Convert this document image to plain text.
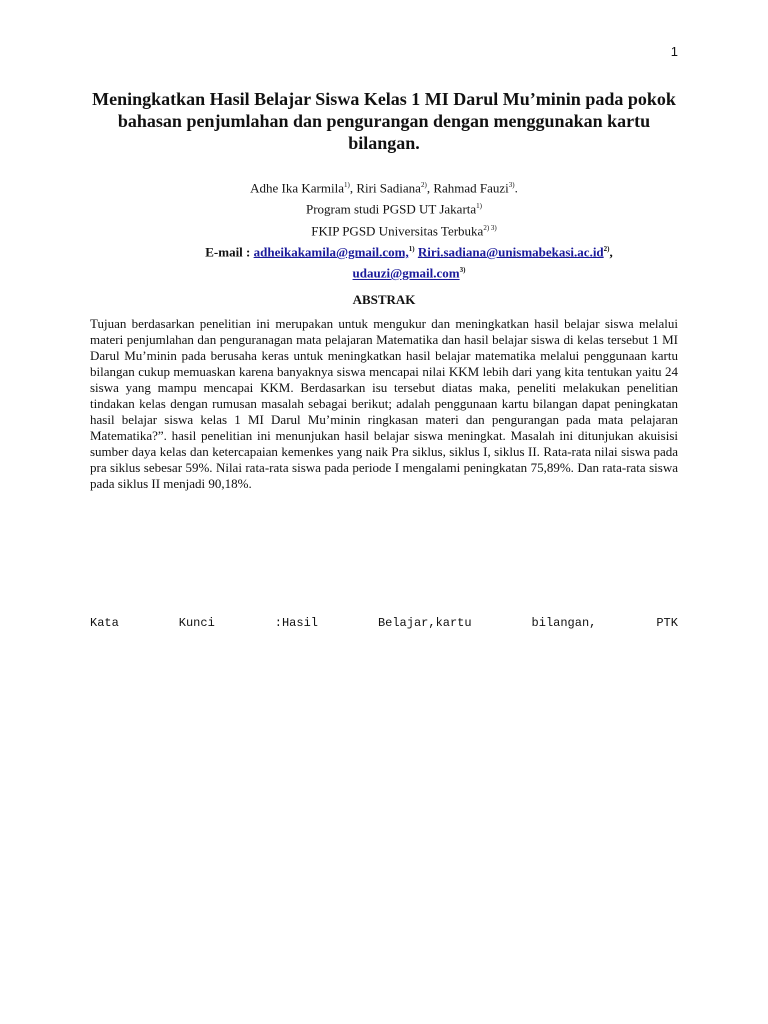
1
Meningkatkan Hasil Belajar Siswa Kelas 1 MI Darul Mu’minin pada pokok bahasan penjumlahan dan pengurangan dengan menggunakan kartu bilangan.
Adhe Ika Karmila$^{1)}$, Riri Sadiana$^{2)}$, Rahmad Fauzi$^{3)}$.
Program studi PGSD UT Jakarta$^{1)}$
FKIP PGSD Universitas Terbuka$^{2) 3)}$
E-mail : adheikakamila@gmail.com,$^{1)}$ $Riri.sadiana@unismabekasi.ac.id^{2)}$,
udauzi@gmail.com$^{3)}$
ABSTRAK
Tujuan berdasarkan penelitian ini merupakan untuk mengukur dan meningkatkan hasil belajar siswa melalui materi penjumlahan dan penguranagan mata pelajaran Matematika dan hasil belajar siswa di kelas tersebut 1 MI Darul Mu’minin pada berusaha keras untuk meningkatkan hasil belajar matematika melalui penggunaan kartu bilangan cukup memuaskan karena banyaknya siswa mencapai nilai KKM lebih dari yang kita tentukan yaitu 24 siswa yang mampu mencapai KKM. Berdasarkan isu tersebut diatas maka, peneliti melakukan penelitian tindakan kelas dengan rumusan masalah sebagai berikut; adalah penggunaan kartu bilangan dapat peningkatan hasil belajar siswa kelas 1 MI Darul Mu’minin ringkasan materi dan pengurangan pada mata pelajaran Matematika?”. hasil penelitian ini menunjukan hasil belajar siswa meningkat. Masalah ini ditunjukan akuisisi sumber daya kelas dan ketercapaian kemenkes yang naik Pra siklus, siklus I, siklus II. Rata-rata nilai siswa pada pra siklus sebesar 59%. Nilai rata-rata siswa pada periode I mengalami peningkatan 75,89%. Dan rata-rata siswa pada siklus II menjadi 90,18%.
Kata	Kunci	:Hasil	Belajar,kartu	bilangan,	PTK
